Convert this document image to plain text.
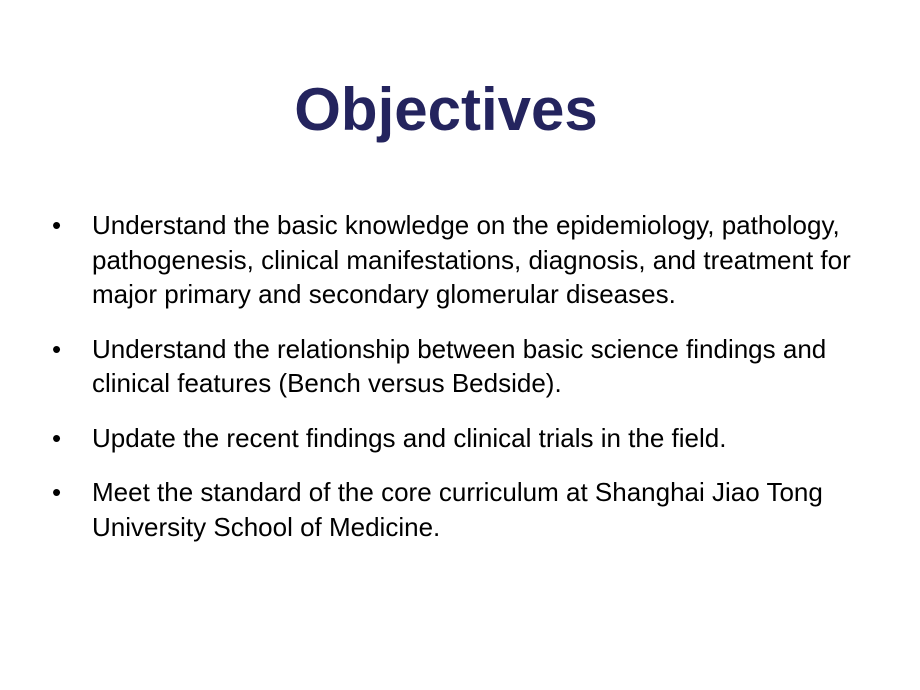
Objectives
•	Understand the basic knowledge on the epidemiology, pathology, pathogenesis, clinical manifestations, diagnosis, and treatment for major primary and secondary glomerular diseases.
•	Understand the relationship between basic science findings and clinical features (Bench versus Bedside).
•	Update the recent findings and clinical trials in the field.
•	Meet the standard of the core curriculum at Shanghai Jiao Tong University School of Medicine.
